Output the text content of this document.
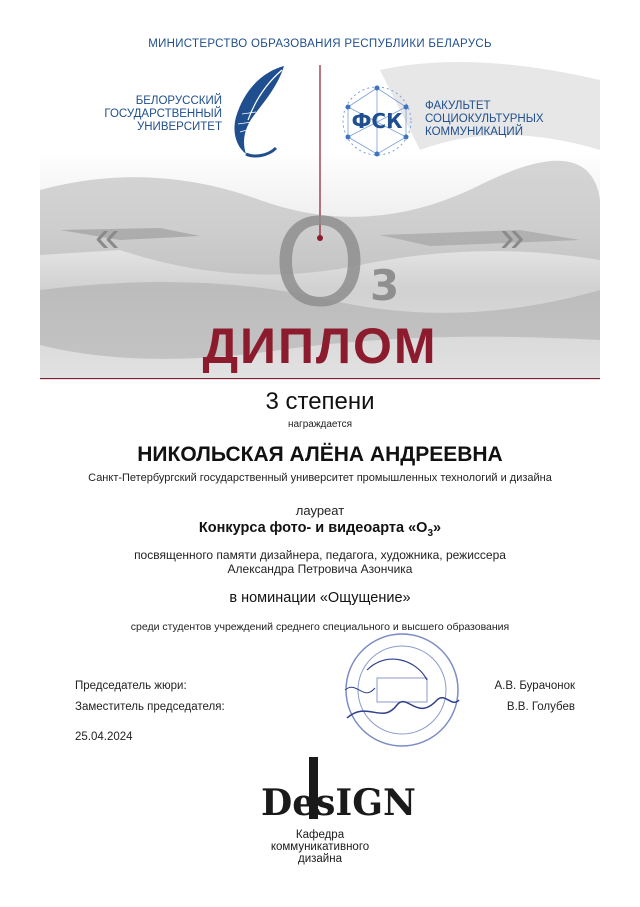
O 3
МИНИСТЕРСТВО ОБРАЗОВАНИЯ РЕСПУБЛИКИ БЕЛАРУСЬ
БЕЛОРУССКИЙ
ГОСУДАРСТВЕННЫЙ
УНИВЕРСИТЕТ	ФСК
ФАКУЛЬТЕТ
СОЦИОКУЛЬТУРНЫХ
КОММУНИКАЦИЙ
«	»
ДИПЛОМ
3 степени
награждается
НИКОЛЬСКАЯ АЛЁНА АНДРЕЕВНА
Санкт-Петербургский государственный университет промышленных технологий и дизайна
лауреат
Конкурса фото- и видеоарта «$О_3$»
посвященного памяти дизайнера, педагога, художника, режиссера
Александра Петровича Азончика
в номинации «Ощущение»
среди студентов учреждений среднего специального и высшего образования
Председатель жюри:	А.В. Бурачонок
Заместитель председателя:	В.В. Голубев
25.04.2024
DesIGN
Кафедра
коммуникативного
дизайна
